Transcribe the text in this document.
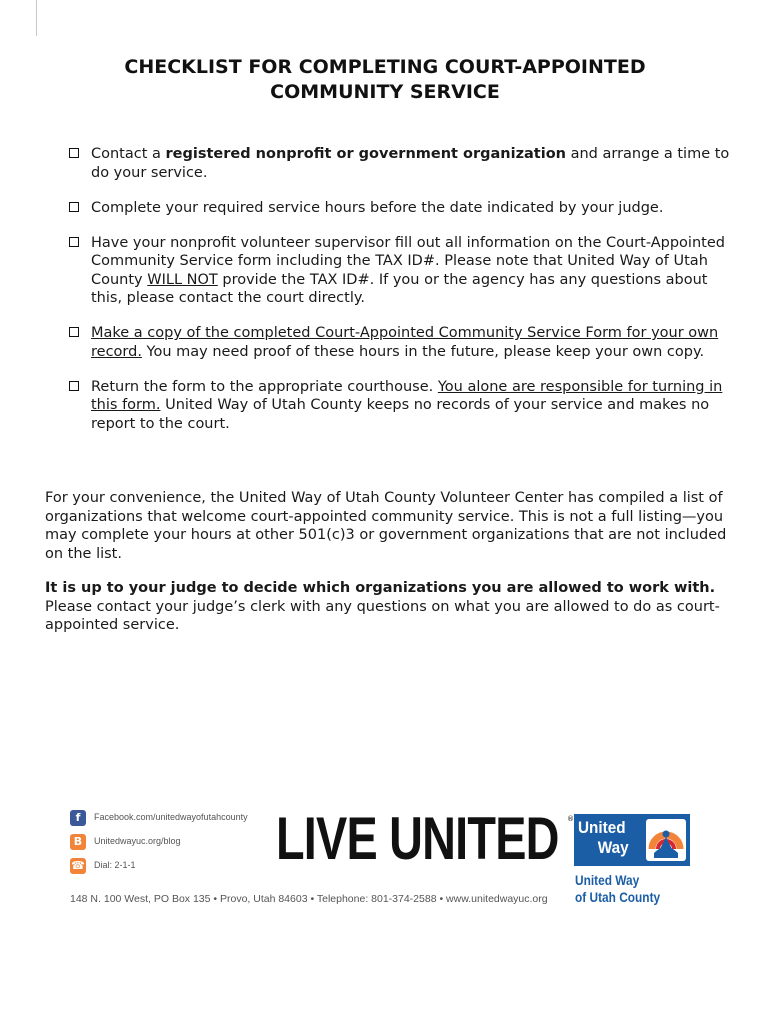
CHECKLIST FOR COMPLETING COURT-APPOINTED
COMMUNITY SERVICE
Contact a registered nonprofit or government organization and arrange a time to do your service.
Complete your required service hours before the date indicated by your judge.
Have your nonprofit volunteer supervisor fill out all information on the Court-Appointed Community Service form including the TAX ID#. Please note that United Way of Utah County WILL NOT provide the TAX ID#. If you or the agency has any questions about this, please contact the court directly.
Make a copy of the completed Court-Appointed Community Service Form for your own record. You may need proof of these hours in the future, please keep your own copy.
Return the form to the appropriate courthouse. You alone are responsible for turning in this form. United Way of Utah County keeps no records of your service and makes no report to the court.
For your convenience, the United Way of Utah County Volunteer Center has compiled a list of organizations that welcome court-appointed community service. This is not a full listing—you may complete your hours at other 501(c)3 or government organizations that are not included on the list.
It is up to your judge to decide which organizations you are allowed to work with. Please contact your judge’s clerk with any questions on what you are allowed to do as court-appointed service.
f	Facebook.com/unitedwayofutahcounty
B	Unitedwayuc.org/blog
☎ Dial: 2-1-1 LIVE UNITED ® United
Way
United Way
of Utah County
148 N. 100 West, PO Box 135 • Provo, Utah 84603 • Telephone: 801-374-2588 • www.unitedwayuc.org
